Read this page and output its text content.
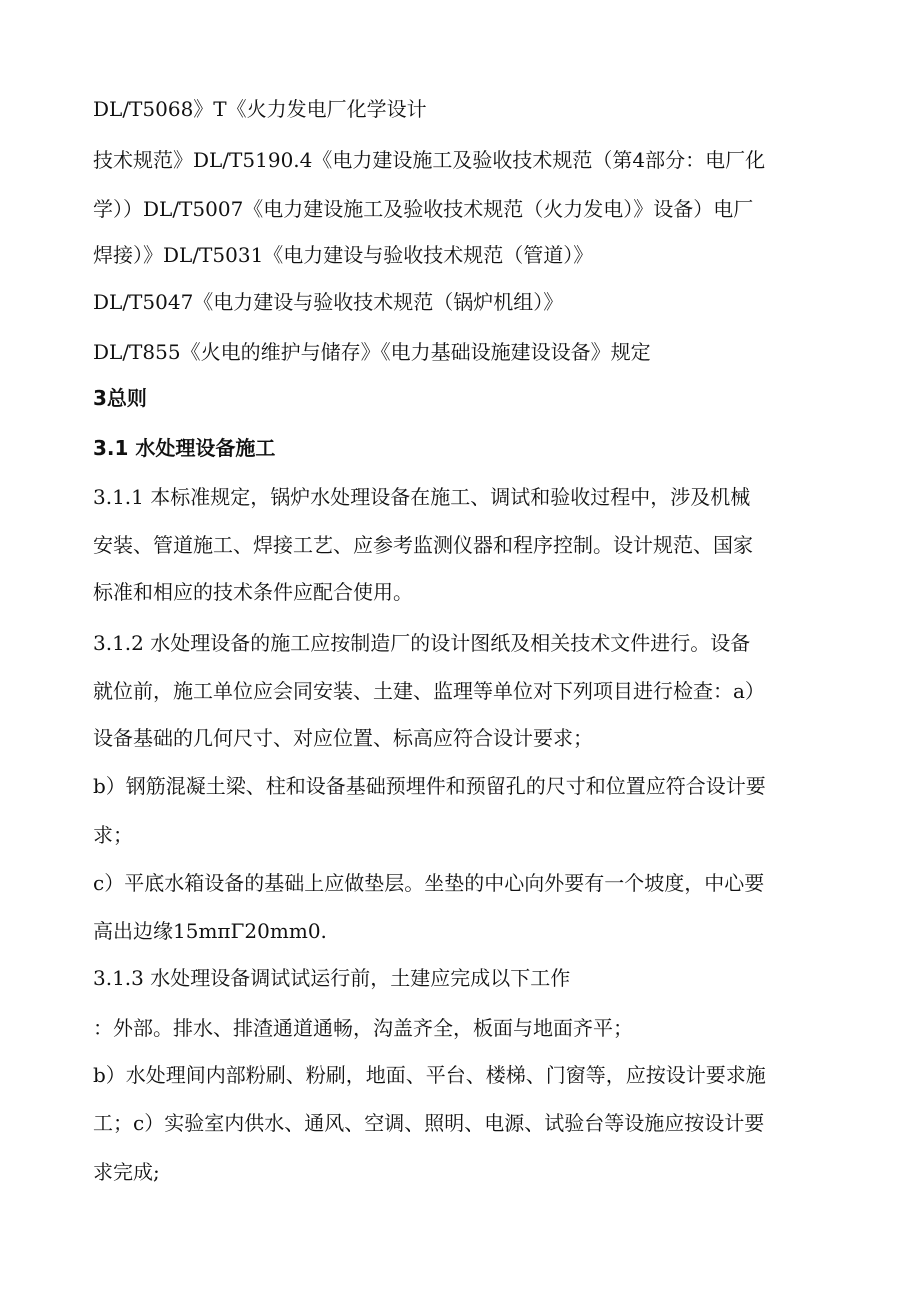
DL/T5068》T《火力发电厂化学设计
技术规范》DL/T5190.4《电力建设施工及验收技术规范（第4部分：电厂化
学））DL/T5007《电力建设施工及验收技术规范（火力发电）》设备）电厂
焊接）》DL/T5031《电力建设与验收技术规范（管道）》
DL/T5047《电力建设与验收技术规范（锅炉机组）》
DL/T855《火电的维护与储存》《电力基础设施建设设备》规定
3总则
3.1 水处理设备施工
3.1.1 本标准规定，锅炉水处理设备在施工、调试和验收过程中，涉及机械
安装、管道施工、焊接工艺、应参考监测仪器和程序控制。设计规范、国家
标准和相应的技术条件应配合使用。
3.1.2 水处理设备的施工应按制造厂的设计图纸及相关技术文件进行。设备
就位前，施工单位应会同安装、土建、监理等单位对下列项目进行检查：a）
设备基础的几何尺寸、对应位置、标高应符合设计要求；
b）钢筋混凝土梁、柱和设备基础预埋件和预留孔的尺寸和位置应符合设计要
求；
c）平底水箱设备的基础上应做垫层。坐垫的中心向外要有一个坡度，中心要
高出边缘15mπΓ20mm0.
3.1.3 水处理设备调试试运行前，土建应完成以下工作
：外部。排水、排渣通道通畅，沟盖齐全，板面与地面齐平；
b）水处理间内部粉刷、粉刷，地面、平台、楼梯、门窗等，应按设计要求施
工；c）实验室内供水、通风、空调、照明、电源、试验台等设施应按设计要
求完成;
